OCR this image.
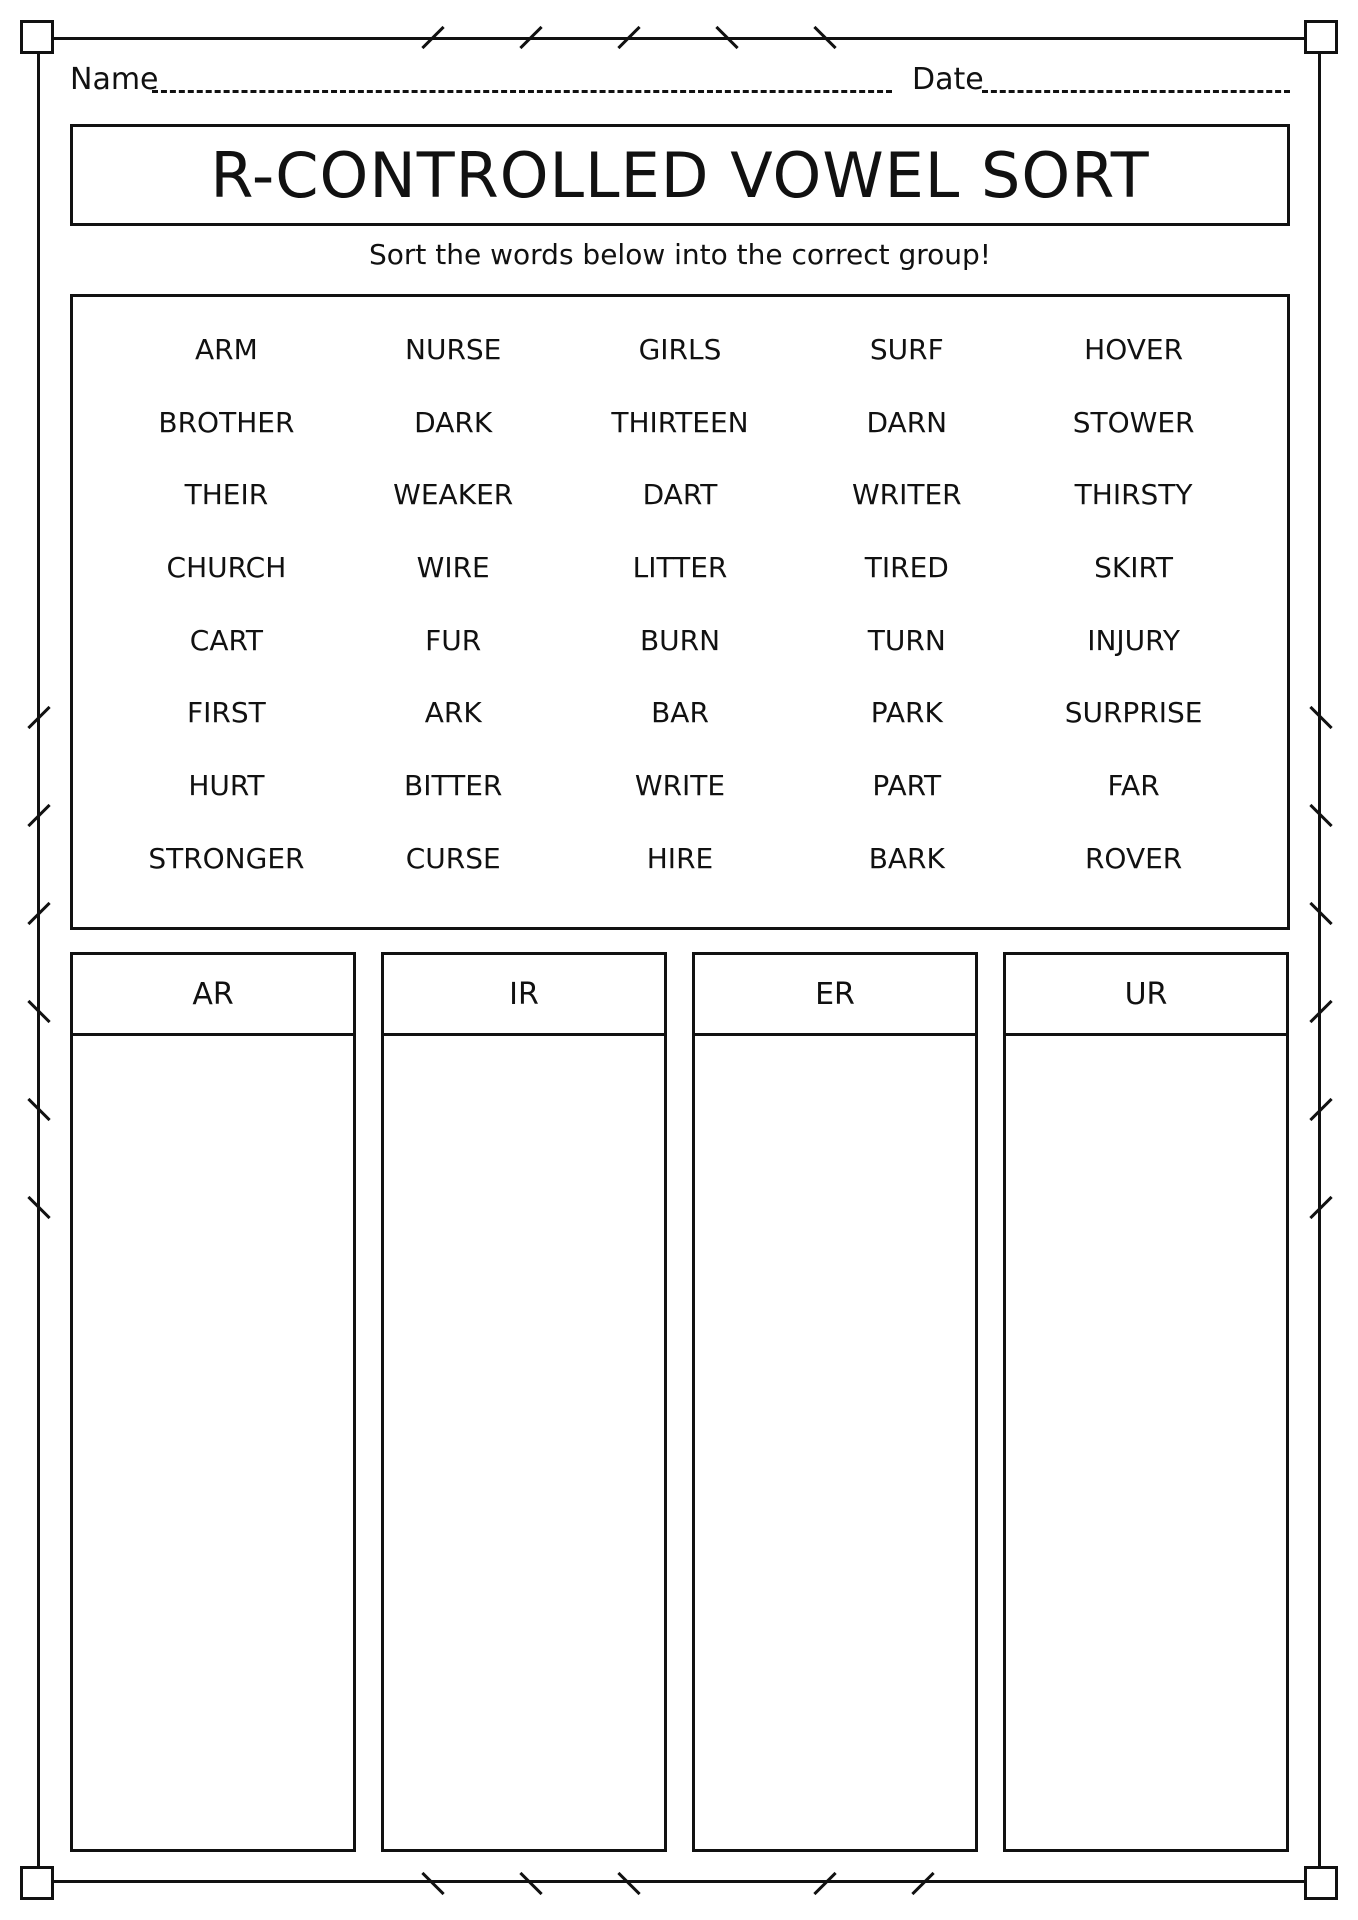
Name	Date
R-CONTROLLED VOWEL SORT
Sort the words below into the correct group!
ARM	NURSE	GIRLS	SURF	HOVER
BROTHER	DARK	THIRTEEN	DARN	STOWER
THEIR	WEAKER	DART	WRITER	THIRSTY
CHURCH	WIRE	LITTER	TIRED	SKIRT
CART	FUR	BURN	TURN	INJURY
FIRST	ARK	BAR	PARK	SURPRISE
HURT	BITTER	WRITE	PART	FAR
STRONGER	CURSE	HIRE	BARK	ROVER
AR	IR	ER	UR
